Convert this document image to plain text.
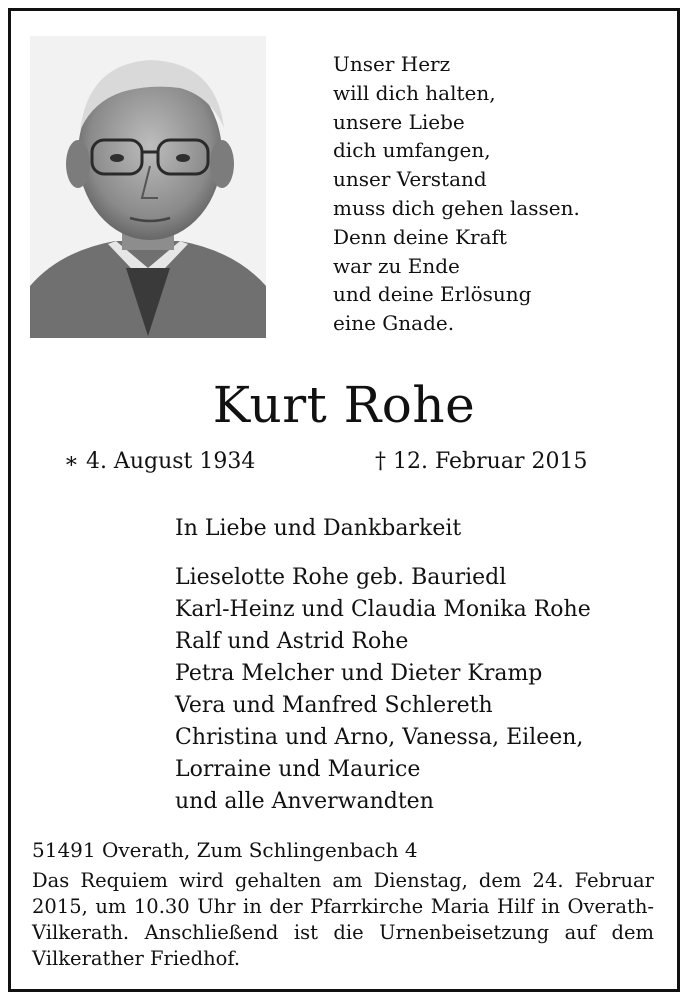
Unser Herz
will dich halten,
unsere Liebe
dich umfangen,
unser Verstand
muss dich gehen lassen.
Denn deine Kraft
war zu Ende
und deine Erlösung
eine Gnade.
Kurt Rohe
∗ 4. August 1934	† 12. Februar 2015
In Liebe und Dankbarkeit
Lieselotte Rohe geb. Bauriedl
Karl-Heinz und Claudia Monika Rohe
Ralf und Astrid Rohe
Petra Melcher und Dieter Kramp
Vera und Manfred Schlereth
Christina und Arno, Vanessa, Eileen,
Lorraine und Maurice
und alle Anverwandten
51491 Overath, Zum Schlingenbach 4
Das Requiem wird gehalten am Dienstag, dem 24. Februar 2015, um 10.30 Uhr in der Pfarrkirche Maria Hilf in Overath-Vilkerath. Anschließend ist die Urnenbeisetzung auf dem Vilkerather Friedhof.
